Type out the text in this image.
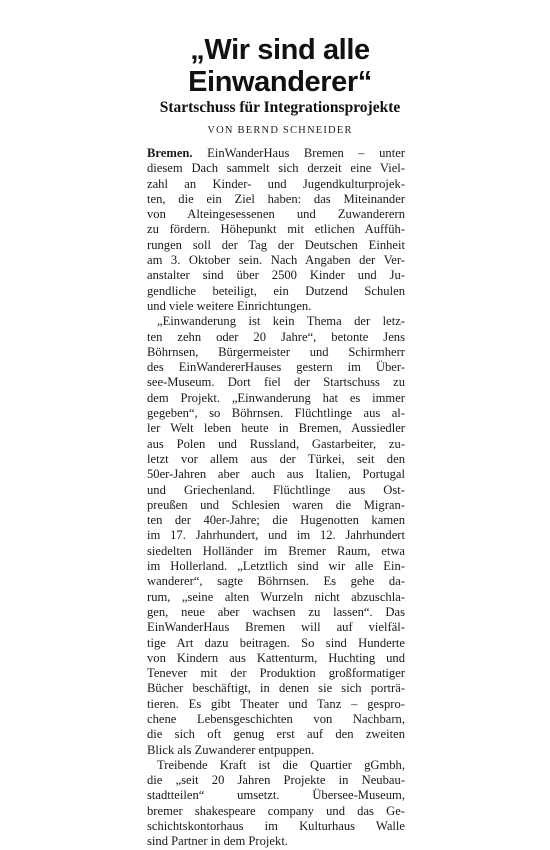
„Wir sind alle
Einwanderer“
Startschuss für Integrationsprojekte
VON BERND SCHNEIDER

Bremen. EinWanderHaus Bremen – unter
diesem Dach sammelt sich derzeit eine Viel-
zahl an Kinder- und Jugendkulturprojek-
ten, die ein Ziel haben: das Miteinander
von Alteingesessenen und Zuwanderern
zu fördern. Höhepunkt mit etlichen Auffüh-
rungen soll der Tag der Deutschen Einheit
am 3. Oktober sein. Nach Angaben der Ver-
anstalter sind über 2500 Kinder und Ju-
gendliche beteiligt, ein Dutzend Schulen
und viele weitere Einrichtungen.

„Einwanderung ist kein Thema der letz-
ten zehn oder 20 Jahre“, betonte Jens
Böhrnsen, Bürgermeister und Schirmherr
des EinWandererHauses gestern im Über-
see-Museum. Dort fiel der Startschuss zu
dem Projekt. „Einwanderung hat es immer
gegeben“, so Böhrnsen. Flüchtlinge aus al-
ler Welt leben heute in Bremen, Aussiedler
aus Polen und Russland, Gastarbeiter, zu-
letzt vor allem aus der Türkei, seit den
50er-Jahren aber auch aus Italien, Portugal
und Griechenland. Flüchtlinge aus Ost-
preußen und Schlesien waren die Migran-
ten der 40er-Jahre; die Hugenotten kamen
im 17. Jahrhundert, und im 12. Jahrhundert
siedelten Holländer im Bremer Raum, etwa
im Hollerland. „Letztlich sind wir alle Ein-
wanderer“, sagte Böhrnsen. Es gehe da-
rum, „seine alten Wurzeln nicht abzuschla-
gen, neue aber wachsen zu lassen“. Das
EinWanderHaus Bremen will auf vielfäl-
tige Art dazu beitragen. So sind Hunderte
von Kindern aus Kattenturm, Huchting und
Tenever mit der Produktion großformatiger
Bücher beschäftigt, in denen sie sich porträ-
tieren. Es gibt Theater und Tanz – gespro-
chene Lebensgeschichten von Nachbarn,
die sich oft genug erst auf den zweiten
Blick als Zuwanderer entpuppen.

Treibende Kraft ist die Quartier gGmbh,
die „seit 20 Jahren Projekte in Neubau-
stadtteilen“ umsetzt. Übersee-Museum,
bremer shakespeare company und das Ge-
schichtskontorhaus im Kulturhaus Walle
sind Partner in dem Projekt.
